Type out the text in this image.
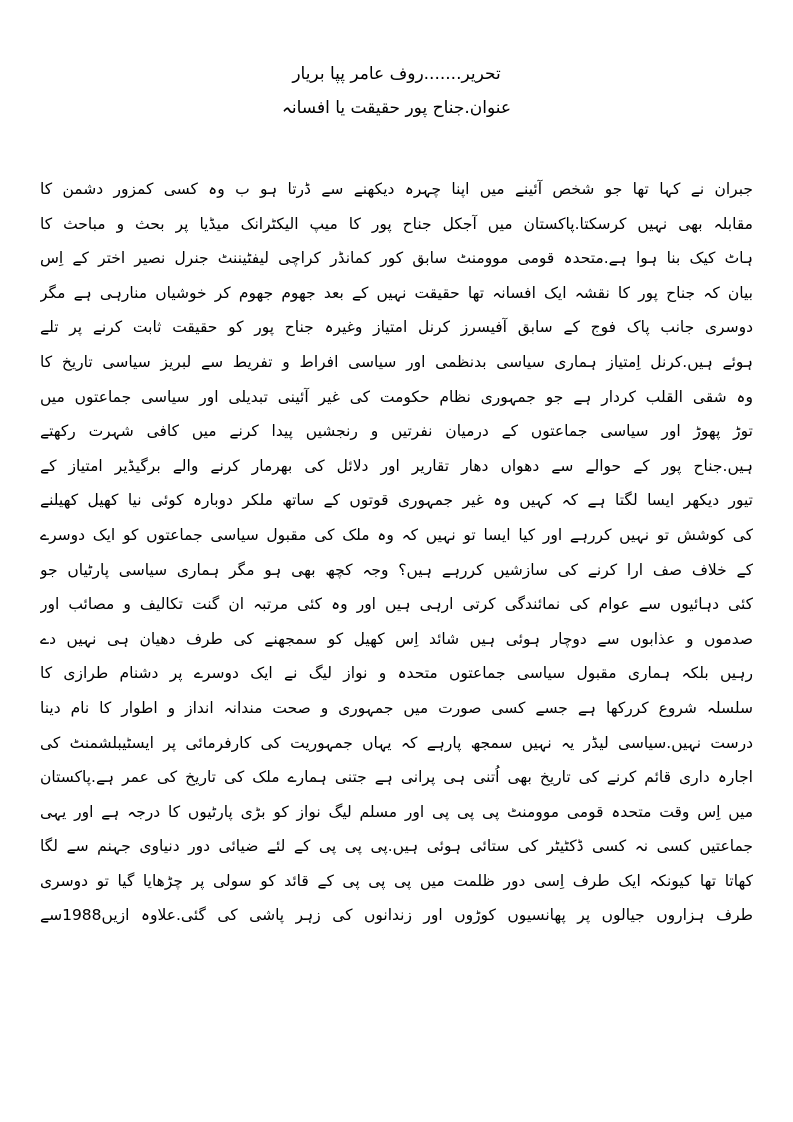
تحریر.......روف عامر پپا بریار
عنوان.جناح پور حقیقت یا افسانہ
جبران نے کہا تھا جو شخص آئینے میں اپنا چہرہ دیکھنے سے ڈرتا ہو ب وہ کسی کمزور دشمن کا
مقابلہ بھی نہیں کرسکتا.پاکستان میں آجکل جناح پور کا میپ الیکٹرانک میڈیا پر بحث و مباحث کا
ہاٹ کیک بنا ہوا ہے.متحدہ قومی موومنٹ سابق کور کمانڈر کراچی لیفٹیننٹ جنرل نصیر اختر کے اِس
بیان کہ جناح پور کا نقشہ ایک افسانہ تھا حقیقت نہیں کے بعد جھوم جھوم کر خوشیاں منارہی ہے مگر
دوسری جانب پاک فوج کے سابق آفیسرز کرنل امتیاز وغیرہ جناح پور کو حقیقت ثابت کرنے پر تلے
ہوئے ہیں.کرنل اِمتیاز ہماری سیاسی بدنظمی اور سیاسی افراط و تفریط سے لبریز سیاسی تاریخ کا
وہ شقی القلب کردار ہے جو جمہوری نظام حکومت کی غیر آئینی تبدیلی اور سیاسی جماعتوں میں
توڑ پھوڑ اور سیاسی جماعتوں کے درمیان نفرتیں و رنجشیں پیدا کرنے میں کافی شہرت رکھتے
ہیں.جناح پور کے حوالے سے دھواں دھار تقاریر اور دلائل کی بھرمار کرنے والے برگیڈیر امتیاز کے
تیور دیکھر ایسا لگتا ہے کہ کہیں وہ غیر جمہوری قوتوں کے ساتھ ملکر دوبارہ کوئی نیا کھیل کھیلنے
کی کوشش تو نہیں کررہے اور کیا ایسا تو نہیں کہ وہ ملک کی مقبول سیاسی جماعتوں کو ایک دوسرے
کے خلاف صف ارا کرنے کی سازشیں کررہے ہیں؟ وجہ کچھ بھی ہو مگر ہماری سیاسی پارٹیاں جو
کئی دہائیوں سے عوام کی نمائندگی کرتی ارہی ہیں اور وہ کئی مرتبہ ان گنت تکالیف و مصائب اور
صدموں و عذابوں سے دوچار ہوئی ہیں شائد اِس کھیل کو سمجھنے کی طرف دھیان ہی نہیں دے
رہیں بلکہ ہماری مقبول سیاسی جماعتوں متحدہ و نواز لیگ نے ایک دوسرے پر دشنام طرازی کا
سلسلہ شروع کررکھا ہے جسے کسی صورت میں جمہوری و صحت مندانہ انداز و اطوار کا نام دینا
درست نہیں.سیاسی لیڈر یہ نہیں سمجھ پارہے کہ یہاں جمہوریت کی کارفرمائی پر ایسٹیبلشمنٹ کی
اجارہ داری قائم کرنے کی تاریخ بھی اُتنی ہی پرانی ہے جتنی ہمارے ملک کی تاریخ کی عمر ہے.پاکستان
میں اِس وقت متحدہ قومی موومنٹ پی پی پی اور مسلم لیگ نواز کو بڑی پارٹیوں کا درجہ ہے اور یہی
جماعتیں کسی نہ کسی ڈکٹیٹر کی ستائی ہوئی ہیں.پی پی پی کے لئے ضیائی دور دنیاوی جہنم سے لگا
کھاتا تھا کیونکہ ایک طرف اِسی دور ظلمت میں پی پی پی کے قائد کو سولی پر چڑھایا گیا تو دوسری
طرف ہزاروں جیالوں پر پھانسیوں کوڑوں اور زندانوں کی زہر پاشی کی گئی.علاوہ ازیں1988سے
